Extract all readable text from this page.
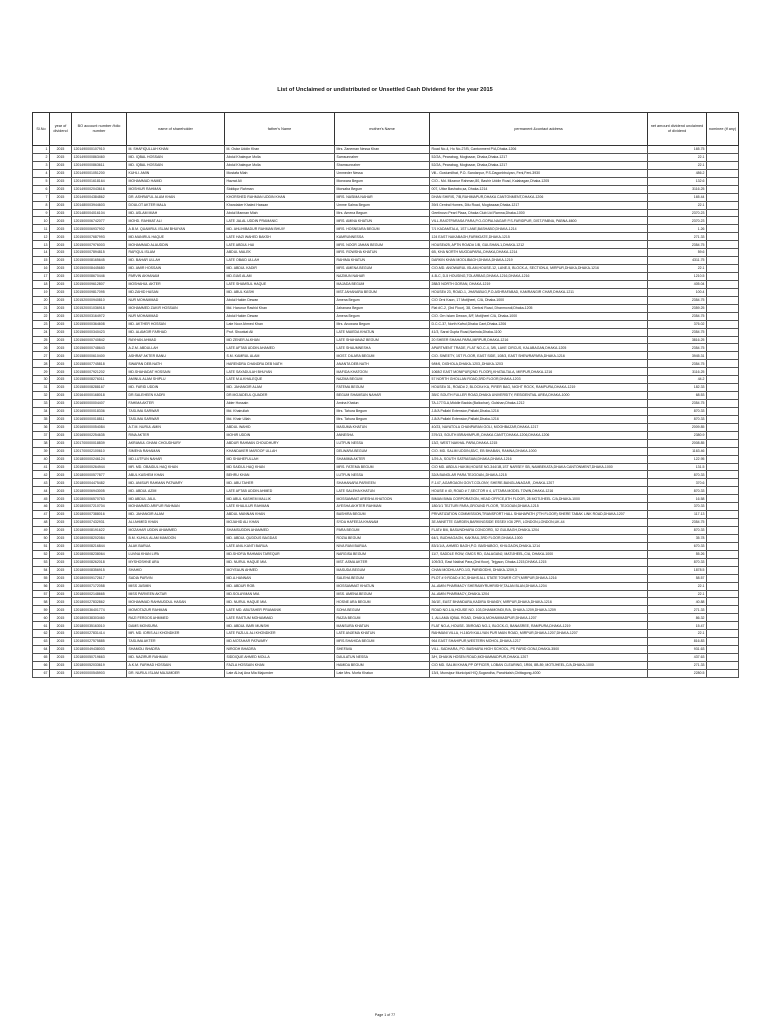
List of Unclaimed or undistributed or Unsettled Cash Dividend for the year 2015
Sl.No	year of dividend	BO account number /folio number	name of shareholder	father's Name	mother's Name	permanent &contact address	net amount dividend unclaimed of dividend	nominee (if any)
1	2015	1201490000107910	M. SHAFIQULLAH KHAN	M. Ostar Uddin Khan	Mrs. Zaneman Nessa Khan	Road No-4, Ho No-27/B, Cantonment P/A,Dhaka-1206	165.75	
2	2015	1201490000863460	MD. IQBAL HOSSAIN	Abdul Khaleque Molla	Samsunnaher	52/2A, Pearabag, Mogbazar, Dhaka,Dhaka-1217	22.1	
3	2015	1201490000863611	MD. IQBAL HOSSAIN	Abdul Khaleque Molla	Shamsunnaher	52/2A, Pearabag, Mogbazar, Dhaka,Dhaka-1217	22.1	
4	2015	1201490001051200	KUHLI. AMIN	Mostafa Miah	Ummeder Nessa	Vill.- Gostumilhat, P.O- Sandarpur, P.S-Dagonbhuiyan, Feni,Feni-3930	486.2	
5	2015	1201490001618164	MOHAMMAD HAMID	Hazrat Ali	Monwara Begum	C/O.- Md. Mizanur Rahman,80, Bashir Uddin Road, Kalabagan,Dhaka-1205	132.6	
6	2015	1201490002043616	MOSHIUR RAHMAN	Siddiqur Rahman	Morsaba Begum	007, Uttar Bashabo,sa, Dhaka-1214	3116.25	
7	2015	1201490004384862	DR. ASHRAFUL ALAM KHAN	KHORSHED RAHMAN UDDIN KHAN	MRS. NASIMA NAHAR	DHAN SHIRIS, 7/B,RAHIMAPUR,DHAKA CANTONMENT,DHAKA-1206	165.44	
8	2015	1201480003944603	DOULOT AKTER MALA	Khandaker Khaled Hassan	Umme Salma Begum	39/4 Central Homes, Dilu Road, Mogbazaar,Dhaka-1217	22.1	
9	2015	1201480004016104	MD. ASLAM MIAH	Abdul Mannan Miah	Mrs. Amena Begum	Geetinovo Pearl Plaza, Dhaka Club Ltd Ramna,Dhaka-1000	2370.23	
10	2015	1201500006742077	MOHD. RAHMAT ALI	LATE JALAL UDDIN PRAMANIC	MRS. AMINA KHATUN	VILL-RAIOTPARASA PARA,P.O-GOPALNAGAR P.S-FARIDPUR, DIST-PABNA, PABNA-6600	2370.23	
11	2015	1201500006937902	A.B.M. QUAMRUL ISLAM BHUIYAN	MD. AHLIHIBADUR RAHMAN BHUIY	MRS. HOSNEARA BEGUM	7/1 KADAMTALA, 1ST LANE,BASHABO,DHAKA-1214	1.26	
12	2015	1201500007687993	MD.MANIRUL HAQUE	LATE HAZI WAHED BAKSH	KAMRUNNESSA	124 EAST NAKABAGH,FARMGATE,DHAKA-1215	271.33	
13	2015	1201500007976003	MOHAMMAD ALAUDDIN	LATE ABDUL HAI	MRS. NOOR JAHAN BEGUM	HOUSE#25, APTN ROAD# 1/B, GULSHAN-1,DHAKA-1212	2354.75	
14	2015	1201500007894815	RAFIQUL ISLAM	ABDUL MALEK	MRS. ROWSHA KHATUN	6B, KHA NORTH MUGDAPARA,,DHAKA,DHAKA-1214	59.6	
15	2015	1201500008165645	MD. BAHAR ULLAH	LATE OBAID ULLAH	RAHIMA KHATUN	DARKIN KHAN MOOLIBAGH,DHAKA,DHAKA-1219	4311.75	
16	2015	1201500008445680	MD. AMIR HOSSAIN	MD. ABDUL KADIR	MRS. AMENA BEGUM	C/O-MD. ANOWARUL ISLAM,HOUSE-12, LANE-5, BLOCK-A, SECTION-6, MIRPUR,DHAKA,DHAKA-1216	22.1	
17	2015	1201500008670446	PARVIN AKHANAM	MD.GIAS ALAM	NAZMUN NAHAR	4-B-C, D-5 HOUSING,TOLARBAG,DHAKA-1216,DHAKA-1216	1210.5	
18	2015	1201500009612807	MOSHAHUL AKTER	LATE SHAMSUL HAQUE	MAJADA BEGUM	288/3 NORTH GORAN, DHAKA-1219	405.04	
19	2015	1201500009817095	MD.ZAHID HASAN	MD. ABUL KASHI	MST.JAHANARA BEGUM	HOUSE# 23, ROAD-1, JHARABUG,P.O-ASHRAFABAD, KAMRANGIR CHAR,DHAKA-1211	100.4	
20	2015	1201520000940810	NUR MOHAMMAD	Abdul Hakim Dewan	Amena Begum	C/O Orni Kaon, 17 Motijheel, C/A, Dhaka-1000	2354.75	
21	2015	1201520001036918	MOHAMMED ZAKIR HOSSAIN	Md. Harunur Rashid Khan	Jahanara Begum	Flat #C-2, (3rd Floor), 38, Central Road, Dhanmondi,Dhaka-1205	2359.25	
22	2015	1201520003164972	NUR MOHAMMAD	Abdul Hakim Dewan	Amena Begum	C/O. Orn Islam Dewan, 8/F, Motijheel C/A, Dhaka-1000	2354.75	
23	2015	1201550000364608	MD. AKTHER HOSSAN	Late Noor Ahmed Khan	Mrs. Anowara Begum	D.C.C-37, North Kafrul,Dhaka Cant,Dhaka-1206	376.02	
24	2015	1201560000340423	MD. ALAMGIR FARHAD	Prof. Showkat Ali	LATE MAIEDA KHATUN	41/3, Sarat Gupta Road,Narinda,Dhaka-1100	2354.75	
25	2015	1201560000740842	RAYHAN AHMAD	MD ZENER ALKHAN	LATE SHAHANAZ BEGUM	20 SHEER SHAHA PARA,MIRPUR,DHAKA-1216	3816.25	
26	2015	1201560000748643	A.Z.M. ABDULLAH	LATE AFTAB UDDIN AHAMED	LATE SHAUMNESHA	APARTMENT TRADE, FLAT NO-C-4, 3/B, LAKE CIRCUS, KALABAGAN,DHAKA-1205	2354.75	
27	2015	1201580000610400	ASHRAF AKTER BANU	S.M. KAMRUL ALAM	MOST. DILARA BEGUM	C/O. SWEETY, 1ST FLOOR, EAST SIDE, 108/3, EAST SHEWRAPARA,DHAKA-1216	3945.31	
28	2015	1201580007745818	SWAPAN DEB NATH	HARENDRA CHANDRA DEB NATH	ANANTA DEB NATH	9/M/6, DIGHOLA,DHAKA-1203,,DHAKA-1203	2354.75	
29	2015	1201580007921202	MD.SHAHADAT HOSSAIN	LATE SAYADULAH BHUYAN	MAFIDA KHATOON	1068/2 EAST MONIPUR(2ND FLOOR),KHATALTALA, MIRPUR,DHAKA-1216	3116.25	
30	2015	1201580008276011	AMINUL ALAM SHIPLU	LATE M.A.KHALEQUE	NAZMA BEGUM	57 NORTH GHOLLAN ROAD,3RD FLOOR,DHAKA-1203	44.2	
31	2015	1201580008288167	MD. FARID UDDIN	MD. JAHANGIR ALAM	FATEMA BEGUM	HOUSE# 31, ROAD# 2, BLOCK# KA, PIRER BAG, NIGHT ROCK, RAMPURA,DHAKA-1219	182.33	
32	2015	1201640000168018	DR.SALEHEEN KADRI	DR.MOJADEUL QUADER	BEGUM SHAMSUN NAHAR	3B/C SOUTH FULLER ROAD,DHAKA UNIVERSITY, RESIDENTIAL AREA,DHAKA-1000	68.53	
33	2015	1201650000004407	FAHIMA AKTER	Akter Hossain	Amina Khatun	TA-177/3-A,Middle Badda (Baliochar), Gulshan,Dhaka-1212	2354.75	
34	2015	1201650000018336	TASLIMA SARWAR	Md. Khairullah	Mrs. Tahura Begum	J-8/A Pallabi Extension,Pallabi,Dhaka-1216	870.33	
35	2015	1201650000018811	TASLIMA SARWAR	Md. Khair Ullah	Mrs. Tahura Begum	J-8/A Pallabi Extension,Pallabi,Dhaka-1216	870.33	
36	2015	1201650000054084	A.T.M. NURUL AMIN	ABDUL WAHID	MASUMA KHATUN	40/23, NAYATOLA CHANPARAN GOLI, MOGHBAZAR,DHAKA-1217	2009.85	
37	2015	1201650002254635	RINA AKTER	MOHIR UDDIN	ANNESHA	379/13, SOUTH IBRAHIMPUR,,DHAKA CANTT,DHAKA-1206,DHAKA-1206	2380.9	
38	2015	1201700000018839	AKRAMUL GHANI CHOUDHURY	ABDUR RAHMAN CHOUDHURY	LUTFUN NESSA	13/2, WEST NAKHAL PARA,DHAKA-1215	2008.85	
39	2015	1201700002100610	SIMEHA RAHAMAN	KHANDAKER MAROOF ULLAH	DELWARA BEGUM	C/O. MD. SALIM UDDIN,83/C, EB BHABAN, RAMNA,DHAKA-1000	1163.46	
40	2015	1201800000246124	MD.LUTFUN NAHAR	MD SHAHEFULLAH	SHAMIMA AKTER	1/29-A, SOUTH SATRASIAN,DHAKA,DHAKA-1216	122.95	
41	2015	1201800000264944	MR. MD. OBAIDUL HAQ KHAN	MD SAIDUL HAQ KHAN	MRS. FATEMA BEGUM	C/O MD. ABDUL HAKIM,HOUSE NO-344/1B,1ST NARSEY SB, NAMBEKATA,DHAKA CANTONMENT,DHAKA-1000	131.5	
42	2015	1201800000577877	ABUL KASHEM KHAN	BEHRU KHAN	LUTFUN NESSA	32/A BANGLAR PARA TEJGOAN,,DHAKA-1215	870.33	
43	2015	1201800004475482	MD. ANISUR RAHMAN PATWARY	MD. ABU TAHER	SHAHANARA PARVEEN	F-147, AGARGAON GOVT.COLONY, SHERE-BANGLANAGAR, ,DHAKA-1207	370.6	
44	2015	1201800006943005	MD. ABDUL AZIM	LATE AFTAB UDDIN AHMED	LATE SALEHA KHATUN	HOUSE # 40, ROAD # 7,SECTOR # 4, UTTARA MODEL TOWN,DHAKA-1216	870.33	
45	2015	1201800006570763	MD ABDUL JALIL	MD ABUL KASHEM MALLIK	MOSSAMMAT ARESHA KHATOON	BIMAN BIMA CORPORATION, HEAD OFFICE,8TH FLOOR, 28 MOTIJHEEL C/A,DHAKA-1000	16.58	
46	2015	1201800007210704	MOHAMMED ARIFUR RAHMAN	LATE KHALILUR RAHMAN	AYESHA AKHTER RAHMAN	180/1/1 TEJTURI PARA,GROUND FLOOR, TEJGOAN,DHAKA-1215	370.33	
47	2015	1201800007388016	MD. JAHANGIR ALAM	ABDUL MANNAN KHAN	BASHIRA BEGUM	PRIVATIZATION COMMISSION,TRANSFORT HALL SHAHAPATH (7TH FLOOR) SHERE TABAK LINK ROAD,DHAKA-1207	117.13	
48	2015	1201800007432931	ALI AHMED KHAN	MOJAHID ALI KHAN	SYDA HAFEEJA KHANAM	3E ANNETTE GARDEN,BARKINGSIDE ESSEX IG6 2PR, LONDON,LONDON,UK-44	2354.75	
49	2015	1201800008191622	MOZAHAR UDDIN AHAMMED	SHAMSUDDIN AHAMMED	PARA BEGUM	FLAT# B/6, BASUNDHARA CONCORD, 52 GULBAGH,DHAKA-1204	870.33	
50	2015	1201800008202084	B.M. KUHUL ALAM MAMOON	MD. ABDUL QUDDUS BAGDAS	ROZIA BEGUM	64/1, BUDHAGAON, KAKRAIL,3RD FLOOR,DHAKA-1000	35.78	
51	2015	1201800008216844	ALAK BARUA	LATE ANIL KANTI BARUA	NIVA RANI BARUA	83/1/1/A, AHMED BAGH,P.O. BASHABOO, KHILGAON,DHAKA-1214	670.33	
52	2015	1201800008238064	LUVNA KHAN LIPA	MD.SHOFIA RAHMAN TAREQUR	NARGISA BEGUM	11/7, SADDLE ROW, GMCS RD, GALAGANJ, MATIJHEEL,C/A, DHAKA-1000	55.26	
53	2015	1201800008262018	MYSHOSHNE ARA	MD. NURUL HAQUE MIA	MST. ASMA AKTER	109/3/3, East Nakhal Para,(2nd floor), Tejgaon, Dhaka-1215,DHAKA-1215	870.33	
54	2015	1201800008356915	SHAHID	MOYEAUN AHMED	MASUDA BEGUM	CHAN MODHU APO-1/3, PARIDODHI, DHAKA-1209,3	1878.5	
55	2015	1201800009172617	SADIA PARVIN	MD.A.HANNAN	SALEHA BEGUM	PLOT # 9 ROAD # 3C,SHAHS ALL STATE TOWER CITY,MIRPUR,DHAKA-1216	58.57	
56	2015	1201800007172058	MISS JASMIN	MD. ABDUR ROB	MOSSAMMAT KHATUN	AL-AMIN PHARMACY SHERAMYRUHRISHY,TALAN BLAN,DHAKA-1204	22.1	
57	2015	1201800002148665	MISS PARVEEN AKTAR	MD.SOLAYMAN MIA	MSS. AMENA BEGUM	AL-AMIN PHARMACY,,DHAKA-1204	22.1	
58	2015	1201800027832862	MOHAMMAD RAHMUDDUL HASAN	MD. NURUL HAQUE MIA	HOSNE ARA BEGUM	36/1E, EAST BHANDARA,KADIRA SHANDY, MIRPUR,DHAKA,DHAKA-1216	40.88	
59	2015	1201800036401774	MOMOTAZUR RAHMAN	LATE MD. ABUTAHER PRAMANIK	SOHA BEGUM	ROAD NO.1/A,HOUSE NO. 103,DHANMONDI,R/A, DHAKA-1209,DHAKA-1209	271.33	
60	2015	1201800038303460	RAZI FERDOS AHMMED	LATE RASTUM MOHAMMAD	RAZIA BEGUM	1, ALLAMA IQBAL ROAD, DHAKA,MOHAMMADPUR,DHAKA-1207	86.32	
61	2015	1201800035163010	DAMS MONSURA	MD. ABDUL BARI MUNSHI	MANSURA KHATUN	FLAT NO-A, HOUSE- 35/ROAD NO-1, BLOCK-G, BANASREE, RAMPURA,DHAKA-1219	15.47	
62	2015	1201800027831414	MR. MD. IDRIS ALI KHONDKER	LATE FAZLUL ALI KHONDKER	LATE ANJEMA KHATUN	RAHMANI VILLA, H-160/9 KALLYAN PUR MAIN ROAD, MIRPUR,DHAKA-1207,DHAKA-1207	22.1	
63	2015	1201800027575885	TASLIMA AKTER	MD.MOTAHAR PATWARY	MRS.SHAHIDA BEGUM	964 EAST SHAHIPUR,WESTERN MOHOL,DHAKA-1217	816.83	
64	2015	1201800049438003	SHAMOLI BHADRA	NIRODH BHADRA	SHEFAVA	VILL. SADHARA, PO. BASHARA HIGH SCHOOL, PS FARID GONJ,DHAKA-3500	931.63	
65	2015	1201800050719663	MD. NAZIRUR RAHMAN	SIDDIQUE AHMED MOLLA	DAULATUN NESSA	3/H, DHAKIN HOSEN ROAD,MOHAMMADPUR,DHAKA-1207	437.63	
66	2015	1201800052033619	A.K.M. FARHAD HOSSAIN	FAZLA HOSSAIN KHAN	HAMIDA BEGUM	C/O MD. SALIM KHAN,PP OFFICER, LOBAN CLEARING, 1R06, 8B-89, MOTIJHEEL,C/A,DHAKA-1000	271.33	
67	2015	1201900000545903	DR. NURUL ISLAM MAJUMDER	Late Al-haj Ana Mia Majumder	Late Mrs. Morfa Khatun	13/4, Munsipur Municipal H/Q,Sugandha, Panchlaish,Chittagong-4000	2280.5	
Page 1 of 77
